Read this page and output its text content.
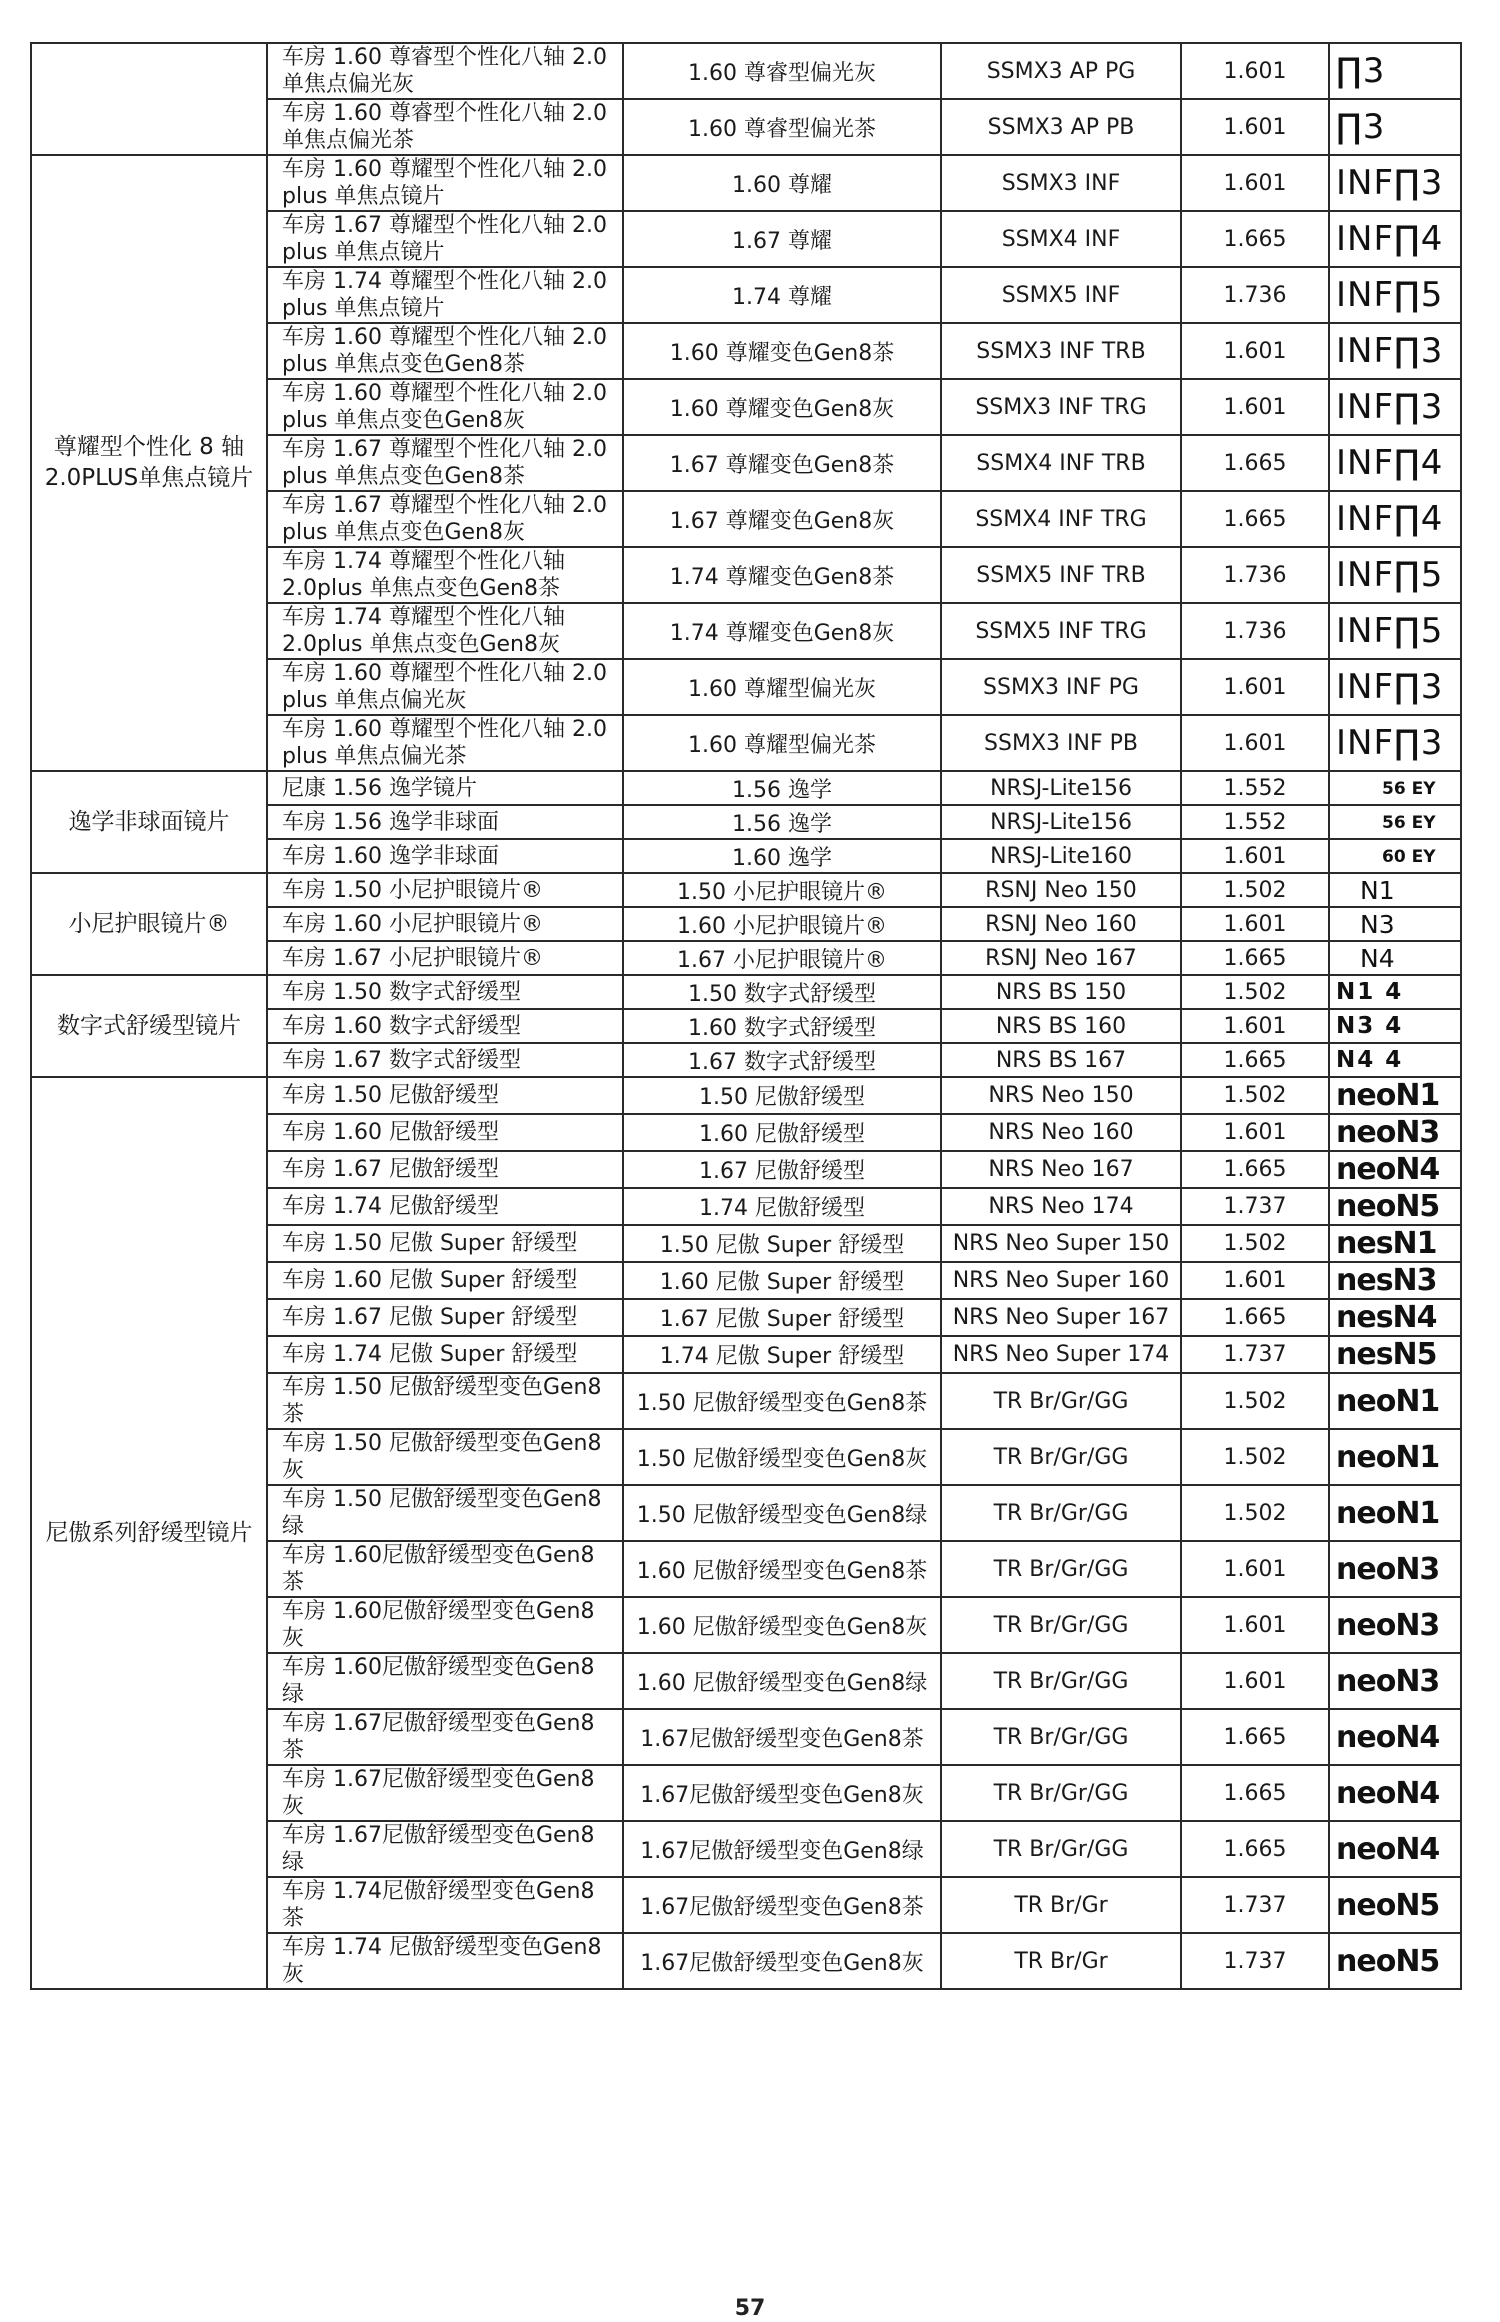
	车房 1.60 尊睿型个性化八轴 2.0 单焦点偏光灰	1.60 尊睿型偏光灰	SSMX3 AP PG	1.601	∏3
	车房 1.60 尊睿型个性化八轴 2.0 单焦点偏光茶	1.60 尊睿型偏光茶	SSMX3 AP PB	1.601	∏3
尊耀型个性化 8 轴 2.0PLUS单焦点镜片	车房 1.60 尊耀型个性化八轴 2.0 plus 单焦点镜片	1.60 尊耀	SSMX3 INF	1.601	INF∏3
	车房 1.67 尊耀型个性化八轴 2.0 plus 单焦点镜片	1.67 尊耀	SSMX4 INF	1.665	INF∏4
	车房 1.74 尊耀型个性化八轴 2.0 plus 单焦点镜片	1.74 尊耀	SSMX5 INF	1.736	INF∏5
	车房 1.60 尊耀型个性化八轴 2.0 plus 单焦点变色Gen8茶	1.60 尊耀变色Gen8茶	SSMX3 INF TRB	1.601	INF∏3
	车房 1.60 尊耀型个性化八轴 2.0 plus 单焦点变色Gen8灰	1.60 尊耀变色Gen8灰	SSMX3 INF TRG	1.601	INF∏3
	车房 1.67 尊耀型个性化八轴 2.0 plus 单焦点变色Gen8茶	1.67 尊耀变色Gen8茶	SSMX4 INF TRB	1.665	INF∏4
	车房 1.67 尊耀型个性化八轴 2.0 plus 单焦点变色Gen8灰	1.67 尊耀变色Gen8灰	SSMX4 INF TRG	1.665	INF∏4
	车房 1.74 尊耀型个性化八轴 2.0plus 单焦点变色Gen8茶	1.74 尊耀变色Gen8茶	SSMX5 INF TRB	1.736	INF∏5
	车房 1.74 尊耀型个性化八轴 2.0plus 单焦点变色Gen8灰	1.74 尊耀变色Gen8灰	SSMX5 INF TRG	1.736	INF∏5
	车房 1.60 尊耀型个性化八轴 2.0 plus 单焦点偏光灰	1.60 尊耀型偏光灰	SSMX3 INF PG	1.601	INF∏3
	车房 1.60 尊耀型个性化八轴 2.0 plus 单焦点偏光茶	1.60 尊耀型偏光茶	SSMX3 INF PB	1.601	INF∏3
逸学非球面镜片	尼康 1.56 逸学镜片	1.56 逸学	NRSJ-Lite156	1.552	56 EY
	车房 1.56 逸学非球面	1.56 逸学	NRSJ-Lite156	1.552	56 EY
	车房 1.60 逸学非球面	1.60 逸学	NRSJ-Lite160	1.601	60 EY
小尼护眼镜片®	车房 1.50 小尼护眼镜片®	1.50 小尼护眼镜片®	RSNJ Neo 150	1.502	N1
	车房 1.60 小尼护眼镜片®	1.60 小尼护眼镜片®	RSNJ Neo 160	1.601	N3
	车房 1.67 小尼护眼镜片®	1.67 小尼护眼镜片®	RSNJ Neo 167	1.665	N4
数字式舒缓型镜片	车房 1.50 数字式舒缓型	1.50 数字式舒缓型	NRS BS 150	1.502	N1 4
	车房 1.60 数字式舒缓型	1.60 数字式舒缓型	NRS BS 160	1.601	N3 4
	车房 1.67 数字式舒缓型	1.67 数字式舒缓型	NRS BS 167	1.665	N4 4
尼傲系列舒缓型镜片	车房 1.50 尼傲舒缓型	1.50 尼傲舒缓型	NRS Neo 150	1.502	neoN1
	车房 1.60 尼傲舒缓型	1.60 尼傲舒缓型	NRS Neo 160	1.601	neoN3
	车房 1.67 尼傲舒缓型	1.67 尼傲舒缓型	NRS Neo 167	1.665	neoN4
	车房 1.74 尼傲舒缓型	1.74 尼傲舒缓型	NRS Neo 174	1.737	neoN5
	车房 1.50 尼傲 Super 舒缓型	1.50 尼傲 Super 舒缓型	NRS Neo Super 150	1.502	nesN1
	车房 1.60 尼傲 Super 舒缓型	1.60 尼傲 Super 舒缓型	NRS Neo Super 160	1.601	nesN3
	车房 1.67 尼傲 Super 舒缓型	1.67 尼傲 Super 舒缓型	NRS Neo Super 167	1.665	nesN4
	车房 1.74 尼傲 Super 舒缓型	1.74 尼傲 Super 舒缓型	NRS Neo Super 174	1.737	nesN5
	车房 1.50 尼傲舒缓型变色Gen8茶	1.50 尼傲舒缓型变色Gen8茶	TR Br/Gr/GG	1.502	neoN1
	车房 1.50 尼傲舒缓型变色Gen8灰	1.50 尼傲舒缓型变色Gen8灰	TR Br/Gr/GG	1.502	neoN1
	车房 1.50 尼傲舒缓型变色Gen8绿	1.50 尼傲舒缓型变色Gen8绿	TR Br/Gr/GG	1.502	neoN1
	车房 1.60尼傲舒缓型变色Gen8茶	1.60 尼傲舒缓型变色Gen8茶	TR Br/Gr/GG	1.601	neoN3
	车房 1.60尼傲舒缓型变色Gen8灰	1.60 尼傲舒缓型变色Gen8灰	TR Br/Gr/GG	1.601	neoN3
	车房 1.60尼傲舒缓型变色Gen8绿	1.60 尼傲舒缓型变色Gen8绿	TR Br/Gr/GG	1.601	neoN3
	车房 1.67尼傲舒缓型变色Gen8茶	1.67尼傲舒缓型变色Gen8茶	TR Br/Gr/GG	1.665	neoN4
	车房 1.67尼傲舒缓型变色Gen8灰	1.67尼傲舒缓型变色Gen8灰	TR Br/Gr/GG	1.665	neoN4
	车房 1.67尼傲舒缓型变色Gen8绿	1.67尼傲舒缓型变色Gen8绿	TR Br/Gr/GG	1.665	neoN4
	车房 1.74尼傲舒缓型变色Gen8茶	1.67尼傲舒缓型变色Gen8茶	TR Br/Gr	1.737	neoN5
	车房 1.74 尼傲舒缓型变色Gen8灰	1.67尼傲舒缓型变色Gen8灰	TR Br/Gr	1.737	neoN5
57
